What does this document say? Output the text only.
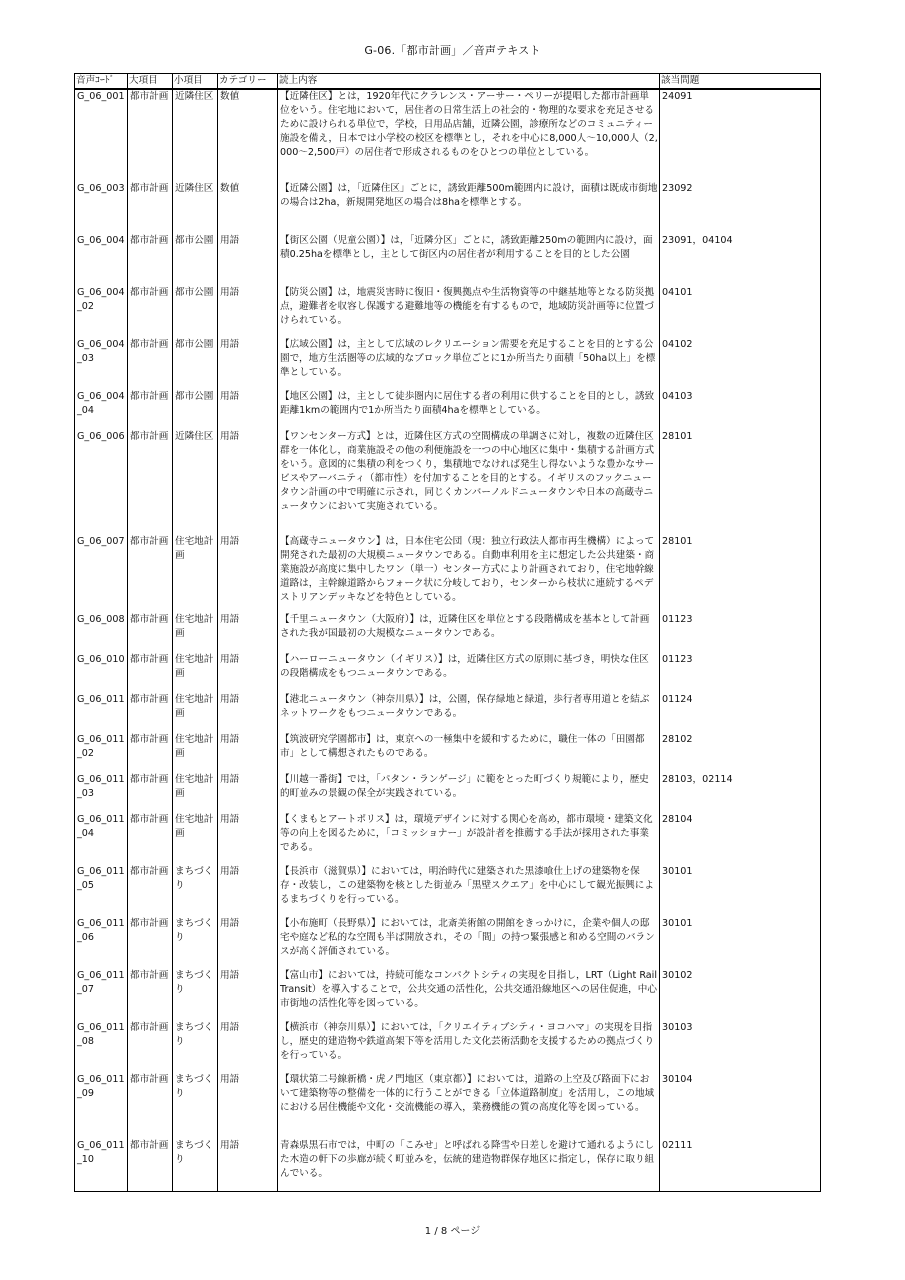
G-06.「都市計画」／音声テキスト
音声ｺｰﾄﾞ	大項目	小項目	カテゴリー	読上内容	該当問題
G_06_001	都市計画	近隣住区	数値	【近隣住区】とは，1920年代にクラレンス・アーサー・ペリーが提唱した都市計画単位をいう。住宅地において，居住者の日常生活上の社会的・物理的な要求を充足させるために設けられる単位で，学校，日用品店舗，近隣公園，診療所などのコミュニティー施設を備え，日本では小学校の校区を標準とし，それを中心に8,000人～10,000人（2,000～2,500戸）の居住者で形成されるものをひとつの単位としている。	24091
G_06_003	都市計画	近隣住区	数値	【近隣公園】は，「近隣住区」ごとに，誘致距離500m範囲内に設け，面積は既成市街地の場合は2ha，新規開発地区の場合は8haを標準とする。	23092
G_06_004	都市計画	都市公園	用語	【街区公園（児童公園）】は，「近隣分区」ごとに，誘致距離250mの範囲内に設け，面積0.25haを標準とし，主として街区内の居住者が利用することを目的とした公園	23091，04104
G_06_004_02	都市計画	都市公園	用語	【防災公園】は，地震災害時に復旧・復興拠点や生活物資等の中継基地等となる防災拠点，避難者を収容し保護する避難地等の機能を有するもので，地域防災計画等に位置づけられている。	04101
G_06_004_03	都市計画	都市公園	用語	【広域公園】は，主として広域のレクリエーション需要を充足することを目的とする公園で，地方生活圏等の広域的なブロック単位ごとに1か所当たり面積「50ha以上」を標準としている。	04102
G_06_004_04	都市計画	都市公園	用語	【地区公園】は，主として徒歩圏内に居住する者の利用に供することを目的とし，誘致距離1kmの範囲内で1か所当たり面積4haを標準としている。	04103
G_06_006	都市計画	近隣住区	用語	【ワンセンター方式】とは，近隣住区方式の空間構成の単調さに対し，複数の近隣住区群を一体化し，商業施設その他の利便施設を一つの中心地区に集中・集積する計画方式をいう。意図的に集積の利をつくり，集積地でなければ発生し得ないような豊かなサービスやアーバニティ（都市性）を付加することを目的とする。イギリスのフックニュータウン計画の中で明確に示され，同じくカンバーノルドニュータウンや日本の高蔵寺ニュータウンにおいて実施されている。	28101
G_06_007	都市計画	住宅地計画	用語	【高蔵寺ニュータウン】は，日本住宅公団（現：独立行政法人都市再生機構）によって開発された最初の大規模ニュータウンである。自動車利用を主に想定した公共建築・商業施設が高度に集中したワン（単一）センター方式により計画されており，住宅地幹線道路は，主幹線道路からフォーク状に分岐しており，センターから枝状に連続するペデストリアンデッキなどを特色としている。	28101
G_06_008	都市計画	住宅地計画	用語	【千里ニュータウン（大阪府）】は，近隣住区を単位とする段階構成を基本として計画された我が国最初の大規模なニュータウンである。	01123
G_06_010	都市計画	住宅地計画	用語	【ハーローニュータウン（イギリス）】は，近隣住区方式の原則に基づき，明快な住区の段階構成をもつニュータウンである。	01123
G_06_011	都市計画	住宅地計画	用語	【港北ニュータウン（神奈川県）】は，公園，保存緑地と緑道，歩行者専用道とを結ぶネットワークをもつニュータウンである。	01124
G_06_011_02	都市計画	住宅地計画	用語	【筑波研究学園都市】は，東京への一極集中を緩和するために，職住一体の「田園都市」として構想されたものである。	28102
G_06_011_03	都市計画	住宅地計画	用語	【川越一番街】では，「パタン・ランゲージ」に範をとった町づくり規範により，歴史的町並みの景観の保全が実践されている。	28103，02114
G_06_011_04	都市計画	住宅地計画	用語	【くまもとアートポリス】は，環境デザインに対する関心を高め，都市環境・建築文化等の向上を図るために，「コミッショナー」が設計者を推薦する手法が採用された事業である。	28104
G_06_011_05	都市計画	まちづくり	用語	【長浜市（滋賀県）】においては，明治時代に建築された黒漆喰仕上げの建築物を保存・改装し，この建築物を核とした街並み「黒壁スクエア」を中心にして観光振興によるまちづくりを行っている。	30101
G_06_011_06	都市計画	まちづくり	用語	【小布施町（長野県）】においては，北斎美術館の開館をきっかけに，企業や個人の邸宅や庭など私的な空間も半ば開放され，その「間」の持つ緊張感と和める空間のバランスが高く評価されている。	30101
G_06_011_07	都市計画	まちづくり	用語	【富山市】においては，持続可能なコンパクトシティの実現を目指し，LRT（Light Rail Transit）を導入することで，公共交通の活性化，公共交通沿線地区への居住促進，中心市街地の活性化等を図っている。	30102
G_06_011_08	都市計画	まちづくり	用語	【横浜市（神奈川県）】においては，「クリエイティブシティ・ヨコハマ」の実現を目指し，歴史的建造物や鉄道高架下等を活用した文化芸術活動を支援するための拠点づくりを行っている。	30103
G_06_011_09	都市計画	まちづくり	用語	【環状第二号線新橋・虎ノ門地区（東京都）】においては，道路の上空及び路面下において建築物等の整備を一体的に行うことができる「立体道路制度」を活用し，この地域における居住機能や文化・交流機能の導入，業務機能の質の高度化等を図っている。	30104
G_06_011_10	都市計画	まちづくり	用語	青森県黒石市では，中町の「こみせ」と呼ばれる降雪や日差しを避けて通れるようにした木造の軒下の歩廊が続く町並みを，伝統的建造物群保存地区に指定し，保存に取り組んでいる。	02111
1 / 8 ページ
